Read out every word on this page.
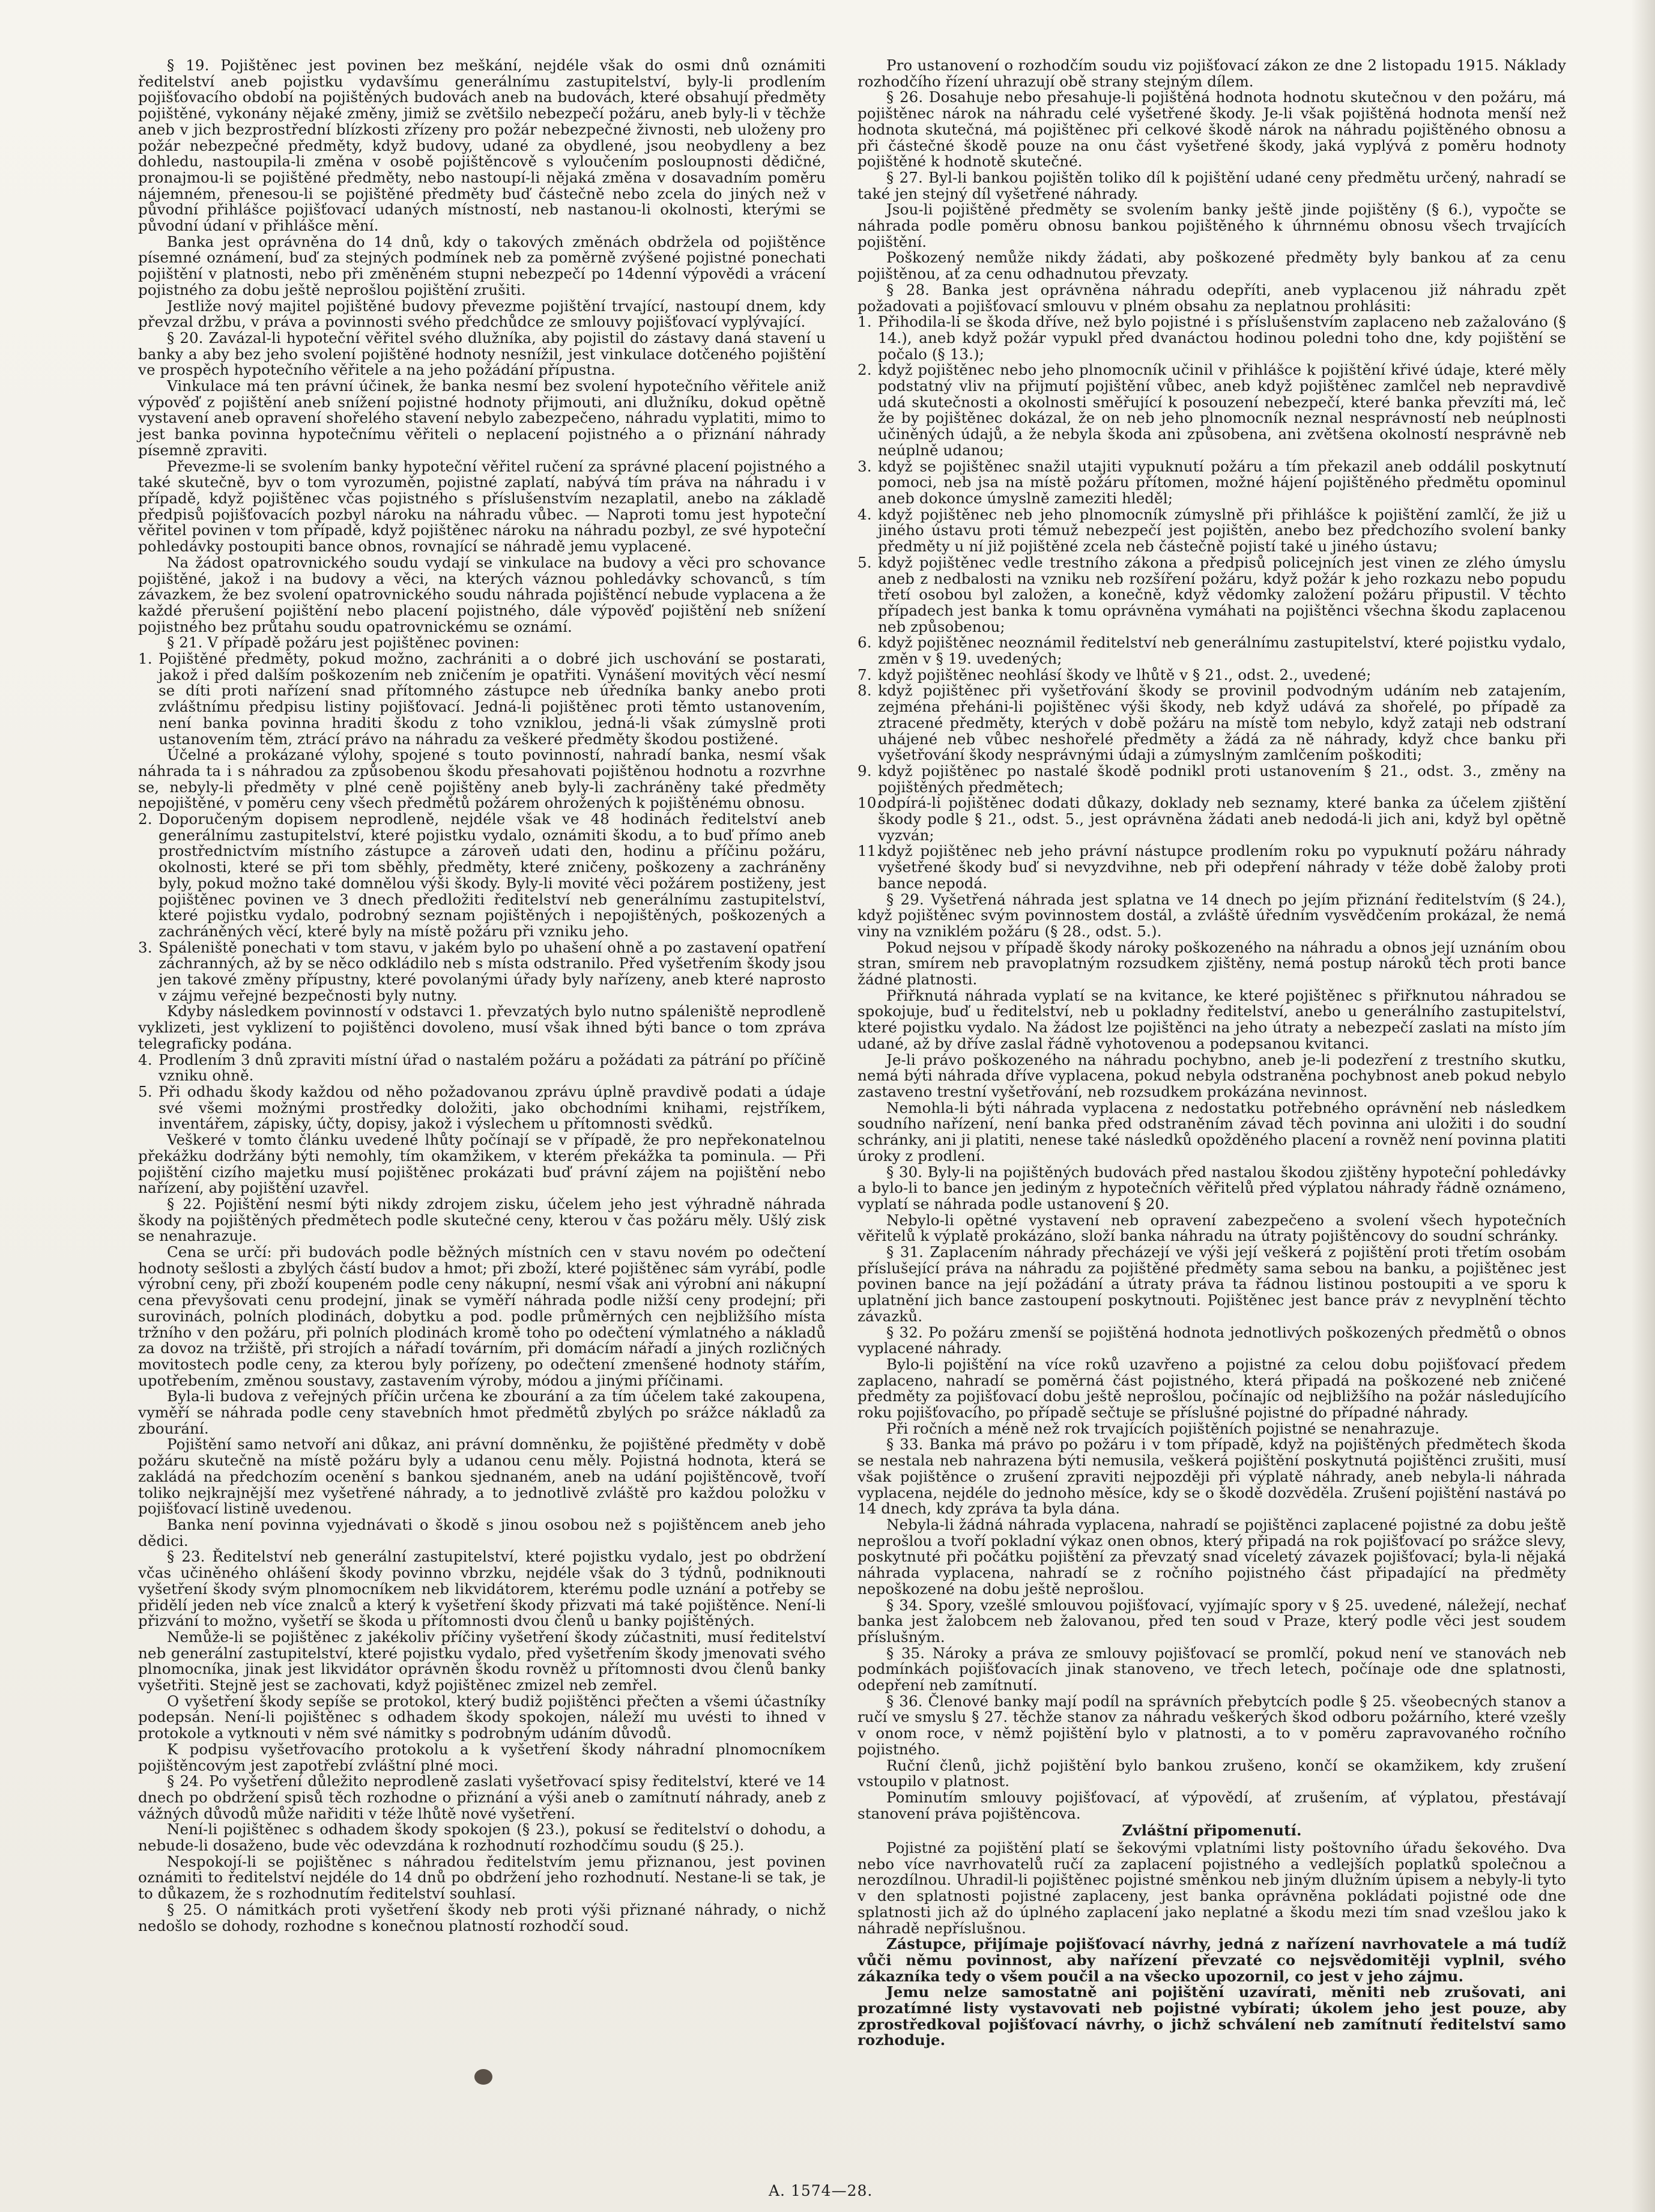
§ 19. Pojištěnec jest povinen bez meškání, nejdéle však do osmi dnů oznámiti ředitelství aneb pojistku vydavšímu generálnímu zastupitelství, byly-li prodlením pojišťovacího období na pojištěných budovách aneb na budovách, které obsahují předměty pojištěné, vykonány nějaké změny, jimiž se zvětšilo nebezpečí požáru, aneb byly-li v těchže aneb v jich bezprostřední blízkosti zřízeny pro požár nebezpečné živnosti, neb uloženy pro požár nebezpečné předměty, když budovy, udané za obydlené, jsou neobydleny a bez dohledu, nastoupila-li změna v osobě pojištěncově s vyloučením posloupnosti dědičné, pronajmou-li se pojištěné předměty, nebo nastoupí-li nějaká změna v dosavadním poměru nájemném, přenesou-li se pojištěné předměty buď částečně nebo zcela do jiných než v původní přihlášce pojišťovací udaných místností, neb nastanou-li okolnosti, kterými se původní údaní v přihlášce mění.

Banka jest oprávněna do 14 dnů, kdy o takových změnách obdržela od pojištěnce písemné oznámení, buď za stejných podmínek neb za poměrně zvýšené pojistné ponechati pojištění v platnosti, nebo při změněném stupni nebezpečí po 14denní výpovědi a vrácení pojistného za dobu ještě neprošlou pojištění zrušiti.

Jestliže nový majitel pojištěné budovy převezme pojištění trvající, nastoupí dnem, kdy převzal držbu, v práva a povinnosti svého předchůdce ze smlouvy pojišťovací vyplývající.

§ 20. Zavázal-li hypoteční věřitel svého dlužníka, aby pojistil do zástavy daná stavení u banky a aby bez jeho svolení pojištěné hodnoty nesnížil, jest vinkulace dotčeného pojištění ve prospěch hypotečního věřitele a na jeho požádání přípustna.

Vinkulace má ten právní účinek, že banka nesmí bez svolení hypotečního věřitele aniž výpověď z pojištění aneb snížení pojistné hodnoty přijmouti, ani dlužníku, dokud opětně vystavení aneb opravení shořelého stavení nebylo zabezpečeno, náhradu vyplatiti, mimo to jest banka povinna hypotečnímu věřiteli o neplacení pojistného a o přiznání náhrady písemně zpraviti.

Převezme-li se svolením banky hypoteční věřitel ručení za správné placení pojistného a také skutečně, byv o tom vyrozuměn, pojistné zaplatí, nabývá tím práva na náhradu i v případě, když pojištěnec včas pojistného s příslušenstvím nezaplatil, anebo na základě předpisů pojišťovacích pozbyl nároku na náhradu vůbec. — Naproti tomu jest hypoteční věřitel povinen v tom případě, když pojištěnec nároku na náhradu pozbyl, ze své hypoteční pohledávky postoupiti bance obnos, rovnající se náhradě jemu vyplacené.

Na žádost opatrovnického soudu vydají se vinkulace na budovy a věci pro schovance pojištěné, jakož i na budovy a věci, na kterých váznou pohledávky schovanců, s tím závazkem, že bez svolení opatrovnického soudu náhrada pojištěncí nebude vyplacena a že každé přerušení pojištění nebo placení pojistného, dále výpověď pojištění neb snížení pojistného bez průtahu soudu opatrovnickému se oznámí.

§ 21. V případě požáru jest pojištěnec povinen:

1. Pojištěné předměty, pokud možno, zachrániti a o dobré jich uschování se postarati, jakož i před dalším poškozením neb zničením je opatřiti. Vynášení movitých věcí nesmí se díti proti nařízení snad přítomného zástupce neb úředníka banky anebo proti zvláštnímu předpisu listiny pojišťovací. Jedná-li pojištěnec proti těmto ustanovením, není banka povinna hraditi škodu z toho vzniklou, jedná-li však zúmyslně proti ustanovením těm, ztrácí právo na náhradu za veškeré předměty škodou postižené.

Účelné a prokázané výlohy, spojené s touto povinností, nahradí banka, nesmí však náhrada ta i s náhradou za způsobenou škodu přesahovati pojištěnou hodnotu a rozvrhne se, nebyly-li předměty v plné ceně pojištěny aneb byly-li zachráněny také předměty nepojištěné, v poměru ceny všech předmětů požárem ohrožených k pojištěnému obnosu.

2. Doporučeným dopisem neprodleně, nejdéle však ve 48 hodinách ředitelství aneb generálnímu zastupitelství, které pojistku vydalo, oznámiti škodu, a to buď přímo aneb prostřednictvím místního zástupce a zároveň udati den, hodinu a příčinu požáru, okolnosti, které se při tom sběhly, předměty, které zničeny, poškozeny a zachráněny byly, pokud možno také domnělou výši škody. Byly-li movité věci požárem postiženy, jest pojištěnec povinen ve 3 dnech předložiti ředitelství neb generálnímu zastupitelství, které pojistku vydalo, podrobný seznam pojištěných i nepojištěných, poškozených a zachráněných věcí, které byly na místě požáru při vzniku jeho.

3. Spáleniště ponechati v tom stavu, v jakém bylo po uhašení ohně a po zastavení opatření záchranných, až by se něco odkládilo neb s místa odstranilo. Před vyšetřením škody jsou jen takové změny přípustny, které povolanými úřady byly nařízeny, aneb které naprosto v zájmu veřejné bezpečnosti byly nutny.

Kdyby následkem povinností v odstavci 1. převzatých bylo nutno spáleniště neprodleně vyklizeti, jest vyklizení to pojištěnci dovoleno, musí však ihned býti bance o tom zpráva telegraficky podána.

4. Prodlením 3 dnů zpraviti místní úřad o nastalém požáru a požádati za pátrání po příčině vzniku ohně.

5. Při odhadu škody každou od něho požadovanou zprávu úplně pravdivě podati a údaje své všemi možnými prostředky doložiti, jako obchodními knihami, rejstříkem, inventářem, zápisky, účty, dopisy, jakož i výslechem u přítomnosti svědků.

Veškeré v tomto článku uvedené lhůty počínají se v případě, že pro nepřekonatelnou překážku dodržány býti nemohly, tím okamžikem, v kterém překážka ta pominula. — Při pojištění cizího majetku musí pojištěnec prokázati buď právní zájem na pojištění nebo nařízení, aby pojištění uzavřel.

§ 22. Pojištění nesmí býti nikdy zdrojem zisku, účelem jeho jest výhradně náhrada škody na pojištěných předmětech podle skutečné ceny, kterou v čas požáru měly. Ušlý zisk se nenahrazuje.

Cena se určí: při budovách podle běžných místních cen v stavu novém po odečtení hodnoty sešlosti a zbylých částí budov a hmot; při zboží, které pojištěnec sám vyrábí, podle výrobní ceny, při zboží koupeném podle ceny nákupní, nesmí však ani výrobní ani nákupní cena převyšovati cenu prodejní, jinak se vyměří náhrada podle nižší ceny prodejní; při surovinách, polních plodinách, dobytku a pod. podle průměrných cen nejbližšího místa tržního v den požáru, při polních plodinách kromě toho po odečtení výmlatného a nákladů za dovoz na tržiště, při strojích a nářadí továrním, při domácím nářadí a jiných rozličných movitostech podle ceny, za kterou byly pořízeny, po odečtení zmenšené hodnoty stářím, upotřebením, změnou soustavy, zastavením výroby, módou a jinými příčinami.

Byla-li budova z veřejných příčin určena ke zbourání a za tím účelem také zakoupena, vyměří se náhrada podle ceny stavebních hmot předmětů zbylých po srážce nákladů za zbourání.

Pojištění samo netvoří ani důkaz, ani právní domněnku, že pojištěné předměty v době požáru skutečně na místě požáru byly a udanou cenu měly. Pojistná hodnota, která se zakládá na předchozím ocenění s bankou sjednaném, aneb na udání pojištěncově, tvoří toliko nejkrajnější mez vyšetřené náhrady, a to jednotlivě zvláště pro každou položku v pojišťovací listině uvedenou.

Banka není povinna vyjednávati o škodě s jinou osobou než s pojištěncem aneb jeho dědici.

§ 23. Ředitelství neb generální zastupitelství, které pojistku vydalo, jest po obdržení včas učiněného ohlášení škody povinno vbrzku, nejdéle však do 3 týdnů, podniknouti vyšetření škody svým plnomocníkem neb likvidátorem, kterému podle uznání a potřeby se přidělí jeden neb více znalců a který k vyšetření škody přizvati má také pojištěnce. Není-li přizvání to možno, vyšetří se škoda u přítomnosti dvou členů u banky pojištěných.

Nemůže-li se pojištěnec z jakékoliv příčiny vyšetření škody zúčastniti, musí ředitelství neb generální zastupitelství, které pojistku vydalo, před vyšetřením škody jmenovati svého plnomocníka, jinak jest likvidátor oprávněn škodu rovněž u přítomnosti dvou členů banky vyšetřiti. Stejně jest se zachovati, když pojištěnec zmizel neb zemřel.

O vyšetření škody sepíše se protokol, který budiž pojištěnci přečten a všemi účastníky podepsán. Není-li pojištěnec s odhadem škody spokojen, náleží mu uvésti to ihned v protokole a vytknouti v něm své námitky s podrobným udáním důvodů.

K podpisu vyšetřovacího protokolu a k vyšetření škody náhradní plnomocníkem pojištěncovým jest zapotřebí zvláštní plné moci.

§ 24. Po vyšetření důležito neprodleně zaslati vyšetřovací spisy ředitelství, které ve 14 dnech po obdržení spisů těch rozhodne o přiznání a výši aneb o zamítnutí náhrady, aneb z vážných důvodů může nařiditi v téže lhůtě nové vyšetření.

Není-li pojištěnec s odhadem škody spokojen (§ 23.), pokusí se ředitelství o dohodu, a nebude-li dosaženo, bude věc odevzdána k rozhodnutí rozhodčímu soudu (§ 25.).

Nespokojí-li se pojištěnec s náhradou ředitelstvím jemu přiznanou, jest povinen oznámiti to ředitelství nejdéle do 14 dnů po obdržení jeho rozhodnutí. Nestane-li se tak, je to důkazem, že s rozhodnutím ředitelství souhlasí.

§ 25. O námitkách proti vyšetření škody neb proti výši přiznané náhrady, o nichž nedošlo se dohody, rozhodne s konečnou platností rozhodčí soud.

Pro ustanovení o rozhodčím soudu viz pojišťovací zákon ze dne 2 listopadu 1915. Náklady rozhodčího řízení uhrazují obě strany stejným dílem.

§ 26. Dosahuje nebo přesahuje-li pojištěná hodnota hodnotu skutečnou v den požáru, má pojištěnec nárok na náhradu celé vyšetřené škody. Je-li však pojištěná hodnota menší než hodnota skutečná, má pojištěnec při celkové škodě nárok na náhradu pojištěného obnosu a při částečné škodě pouze na onu část vyšetřené škody, jaká vyplývá z poměru hodnoty pojištěné k hodnotě skutečné.

§ 27. Byl-li bankou pojištěn toliko díl k pojištění udané ceny předmětu určený, nahradí se také jen stejný díl vyšetřené náhrady.

Jsou-li pojištěné předměty se svolením banky ještě jinde pojištěny (§ 6.), vypočte se náhrada podle poměru obnosu bankou pojištěného k úhrnnému obnosu všech trvajících pojištění.

Poškozený nemůže nikdy žádati, aby poškozené předměty byly bankou ať za cenu pojištěnou, ať za cenu odhadnutou převzaty.

§ 28. Banka jest oprávněna náhradu odepříti, aneb vyplacenou již náhradu zpět požadovati a pojišťovací smlouvu v plném obsahu za neplatnou prohlásiti:

1. Přihodila-li se škoda dříve, než bylo pojistné i s příslušenstvím zaplaceno neb zažalováno (§ 14.), aneb když požár vypukl před dvanáctou hodinou poledni toho dne, kdy pojištění se počalo (§ 13.);

2. když pojištěnec nebo jeho plnomocník učinil v přihlášce k pojištění křivé údaje, které měly podstatný vliv na přijmutí pojištění vůbec, aneb když pojištěnec zamlčel neb nepravdivě udá skutečnosti a okolnosti směřující k posouzení nebezpečí, které banka převzíti má, leč že by pojištěnec dokázal, že on neb jeho plnomocník neznal nesprávností neb neúplnosti učiněných údajů, a že nebyla škoda ani způsobena, ani zvětšena okolností nesprávně neb neúplně udanou;

3. když se pojištěnec snažil utajiti vypuknutí požáru a tím překazil aneb oddálil poskytnutí pomoci, neb jsa na místě požáru přítomen, možné hájení pojištěného předmětu opominul aneb dokonce úmyslně zameziti hleděl;

4. když pojištěnec neb jeho plnomocník zúmyslně při přihlášce k pojištění zamlčí, že již u jiného ústavu proti témuž nebezpečí jest pojištěn, anebo bez předchozího svolení banky předměty u ní již pojištěné zcela neb částečně pojistí také u jiného ústavu;

5. když pojištěnec vedle trestního zákona a předpisů policejních jest vinen ze zlého úmyslu aneb z nedbalosti na vzniku neb rozšíření požáru, když požár k jeho rozkazu nebo popudu třetí osobou byl založen, a konečně, když vědomky založení požáru připustil. V těchto případech jest banka k tomu oprávněna vymáhati na pojištěnci všechna škodu zaplacenou neb způsobenou;

6. když pojištěnec neoznámil ředitelství neb generálnímu zastupitelství, které pojistku vydalo, změn v § 19. uvedených;

7. když pojištěnec neohlásí škody ve lhůtě v § 21., odst. 2., uvedené;

8. když pojištěnec při vyšetřování škody se provinil podvodným udáním neb zatajením, zejména přeháni-li pojištěnec výši škody, neb když udává za shořelé, po případě za ztracené předměty, kterých v době požáru na místě tom nebylo, když zataji neb odstraní uhájené neb vůbec neshořelé předměty a žádá za ně náhrady, když chce banku při vyšetřování škody nesprávnými údaji a zúmyslným zamlčením poškoditi;

9. když pojištěnec po nastalé škodě podnikl proti ustanovením § 21., odst. 3., změny na pojištěných předmětech;

10.
odpírá-li pojištěnec dodati důkazy, doklady neb seznamy, které banka za účelem zjištění škody podle § 21., odst. 5., jest oprávněna žádati aneb nedodá-li jich ani, když byl opětně vyzván;

11.
když pojištěnec neb jeho právní nástupce prodlením roku po vypuknutí požáru náhrady vyšetřené škody buď si nevyzdvihne, neb při odepření náhrady v téže době žaloby proti bance nepodá.

§ 29. Vyšetřená náhrada jest splatna ve 14 dnech po jejím přiznání ředitelstvím (§ 24.), když pojištěnec svým povinnostem dostál, a zvláště úředním vysvědčením prokázal, že nemá viny na vzniklém požáru (§ 28., odst. 5.).

Pokud nejsou v případě škody nároky poškozeného na náhradu a obnos její uznáním obou stran, smírem neb pravoplatným rozsudkem zjištěny, nemá postup nároků těch proti bance žádné platnosti.

Přiřknutá náhrada vyplatí se na kvitance, ke které pojištěnec s přiřknutou náhradou se spokojuje, buď u ředitelství, neb u pokladny ředitelství, anebo u generálního zastupitelství, které pojistku vydalo. Na žádost lze pojištěnci na jeho útraty a nebezpečí zaslati na místo jím udané, až by dříve zaslal řádně vyhotovenou a podepsanou kvitanci.

Je-li právo poškozeného na náhradu pochybno, aneb je-li podezření z trestního skutku, nemá býti náhrada dříve vyplacena, pokud nebyla odstraněna pochybnost aneb pokud nebylo zastaveno trestní vyšetřování, neb rozsudkem prokázána nevinnost.

Nemohla-li býti náhrada vyplacena z nedostatku potřebného oprávnění neb následkem soudního nařízení, není banka před odstraněním závad těch povinna ani uložiti i do soudní schránky, ani ji platiti, nenese také následků opožděného placení a rovněž není povinna platiti úroky z prodlení.

§ 30. Byly-li na pojištěných budovách před nastalou škodou zjištěny hypoteční pohledávky a bylo-li to bance jen jediným z hypotečních věřitelů před výplatou náhrady řádně oznámeno, vyplatí se náhrada podle ustanovení § 20.

Nebylo-li opětné vystavení neb opravení zabezpečeno a svolení všech hypotečních věřitelů k výplatě prokázáno, složí banka náhradu na útraty pojištěncovy do soudní schránky.

§ 31. Zaplacením náhrady přecházejí ve výši její veškerá z pojištění proti třetím osobám příslušející práva na náhradu za pojištěné předměty sama sebou na banku, a pojištěnec jest povinen bance na její požádání a útraty práva ta řádnou listinou postoupiti a ve sporu k uplatnění jich bance zastoupení poskytnouti. Pojištěnec jest bance práv z nevyplnění těchto závazků.

§ 32. Po požáru zmenší se pojištěná hodnota jednotlivých poškozených předmětů o obnos vyplacené náhrady.

Bylo-li pojištění na více roků uzavřeno a pojistné za celou dobu pojišťovací předem zaplaceno, nahradí se poměrná část pojistného, která připadá na poškozené neb zničené předměty za pojišťovací dobu ještě neprošlou, počínajíc od nejbližšího na požár následujícího roku pojišťovacího, po případě sečtuje se příslušné pojistné do případné náhrady.

Při ročních a méně než rok trvajících pojištěních pojistné se nenahrazuje.

§ 33. Banka má právo po požáru i v tom případě, když na pojištěných předmětech škoda se nestala neb nahrazena býti nemusila, veškerá pojištění poskytnutá pojištěnci zrušiti, musí však pojištěnce o zrušení zpraviti nejpozději při výplatě náhrady, aneb nebyla-li náhrada vyplacena, nejdéle do jednoho měsíce, kdy se o škodě dozvěděla. Zrušení pojištění nastává po 14 dnech, kdy zpráva ta byla dána.

Nebyla-li žádná náhrada vyplacena, nahradí se pojištěnci zaplacené pojistné za dobu ještě neprošlou a tvoří pokladní výkaz onen obnos, který připadá na rok pojišťovací po srážce slevy, poskytnuté při počátku pojištění za převzatý snad víceletý závazek pojišťovací; byla-li nějaká náhrada vyplacena, nahradí se z ročního pojistného část připadající na předměty nepoškozené na dobu ještě neprošlou.

§ 34. Spory, vzešlé smlouvou pojišťovací, vyjímajíc spory v § 25. uvedené, náležejí, nechať banka jest žalobcem neb žalovanou, před ten soud v Praze, který podle věci jest soudem příslušným.

§ 35. Nároky a práva ze smlouvy pojišťovací se promlčí, pokud není ve stanovách neb podmínkách pojišťovacích jinak stanoveno, ve třech letech, počínaje ode dne splatnosti, odepření neb zamítnutí.

§ 36. Členové banky mají podíl na správních přebytcích podle § 25. všeobecných stanov a ručí ve smyslu § 27. těchže stanov za náhradu veškerých škod odboru požárního, které vzešly v onom roce, v němž pojištění bylo v platnosti, a to v poměru zapravovaného ročního pojistného.

Ruční členů, jichž pojištění bylo bankou zrušeno, končí se okamžikem, kdy zrušení vstoupilo v platnost.

Pominutím smlouvy pojišťovací, ať výpovědí, ať zrušením, ať výplatou, přestávají stanovení práva pojištěncova.

Zvláštní připomenutí.

Pojistné za pojištění platí se šekovými vplatními listy poštovního úřadu šekového. Dva nebo více navrhovatelů ručí za zaplacení pojistného a vedlejších poplatků společnou a nerozdílnou. Uhradil-li pojištěnec pojistné směnkou neb jiným dlužním úpisem a nebyly-li tyto v den splatnosti pojistné zaplaceny, jest banka oprávněna pokládati pojistné ode dne splatnosti jich až do úplného zaplacení jako neplatné a škodu mezi tím snad vzešlou jako k náhradě nepříslušnou.

Zástupce, přijímaje pojišťovací návrhy, jedná z nařízení navrhovatele a má tudíž vůči němu povinnost, aby nařízení převzaté co nejsvědomitěji vyplnil, svého zákazníka tedy o všem poučil a na všecko upozornil, co jest v jeho zájmu.

Jemu nelze samostatně ani pojištění uzavírati, měniti neb zrušovati, ani prozatímné listy vystavovati neb pojistné vybírati; úkolem jeho jest pouze, aby zprostředkoval pojišťovací návrhy, o jichž schválení neb zamítnutí ředitelství samo rozhoduje.

A. 1574—28.
